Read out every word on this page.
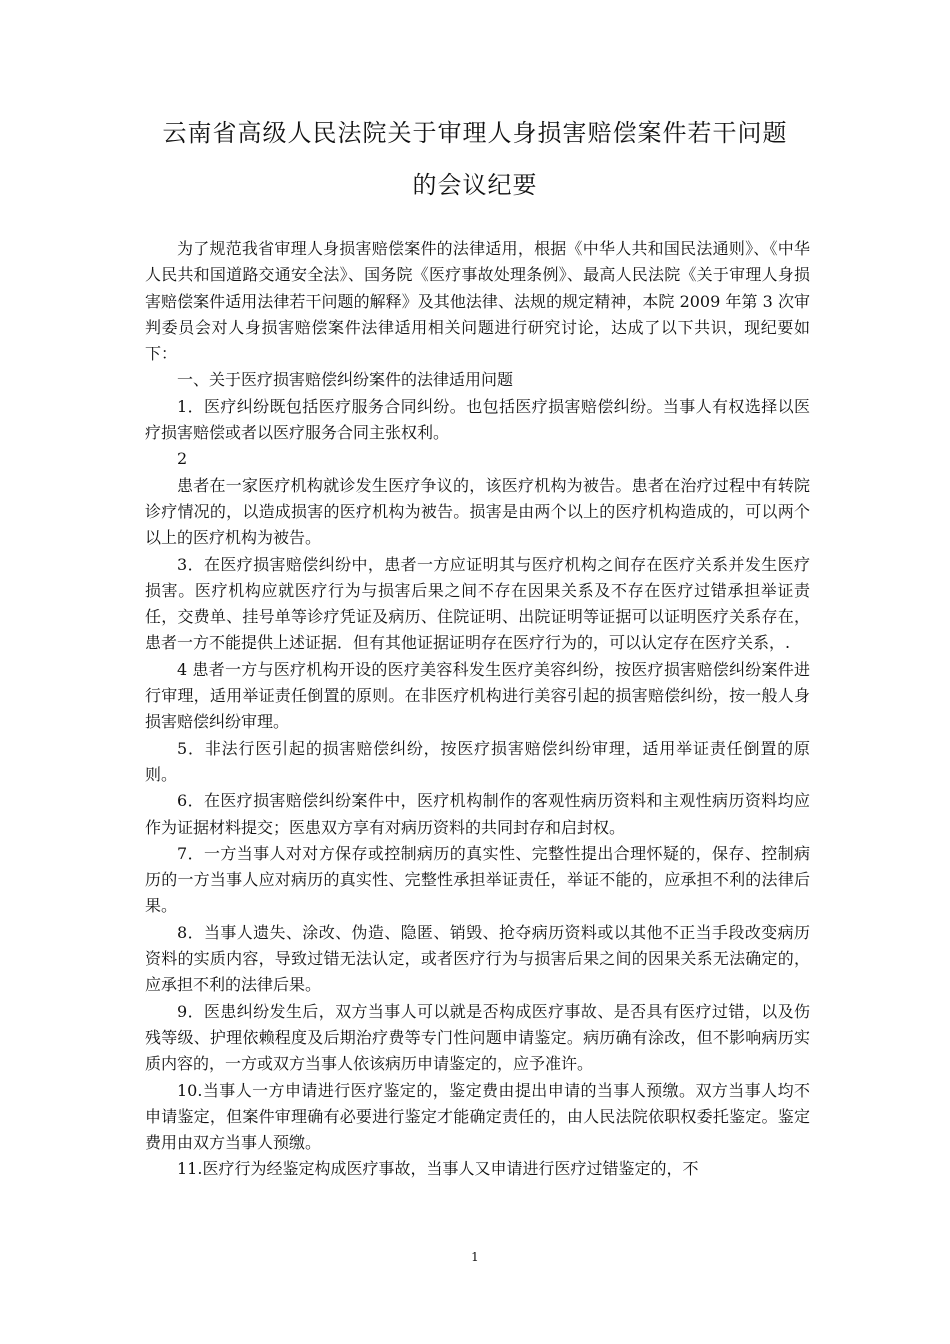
云南省高级人民法院关于审理人身损害赔偿案件若干问题
的会议纪要

为了规范我省审理人身损害赔偿案件的法律适用，根据《中华人共和国民法通则》、《中华人民共和国道路交通安全法》、国务院《医疗事故处理条例》、最高人民法院《关于审理人身损害赔偿案件适用法律若干问题的解释》及其他法律、法规的规定精神，本院 2009 年第 3 次审判委员会对人身损害赔偿案件法律适用相关问题进行研究讨论，达成了以下共识，现纪要如下：

一、关于医疗损害赔偿纠纷案件的法律适用问题

1．医疗纠纷既包括医疗服务合同纠纷。也包括医疗损害赔偿纠纷。当事人有权选择以医疗损害赔偿或者以医疗服务合同主张权利。

2

患者在一家医疗机构就诊发生医疗争议的，该医疗机构为被告。患者在治疗过程中有转院诊疗情况的，以造成损害的医疗机构为被告。损害是由两个以上的医疗机构造成的，可以两个以上的医疗机构为被告。

3．在医疗损害赔偿纠纷中，患者一方应证明其与医疗机构之间存在医疗关系并发生医疗损害。医疗机构应就医疗行为与损害后果之间不存在因果关系及不存在医疗过错承担举证责任，交费单、挂号单等诊疗凭证及病历、住院证明、出院证明等证据可以证明医疗关系存在，患者一方不能提供上述证据．但有其他证据证明存在医疗行为的，可以认定存在医疗关系，.

4 患者一方与医疗机构开设的医疗美容科发生医疗美容纠纷，按医疗损害赔偿纠纷案件进行审理，适用举证责任倒置的原则。在非医疗机构进行美容引起的损害赔偿纠纷，按一般人身损害赔偿纠纷审理。

5．非法行医引起的损害赔偿纠纷，按医疗损害赔偿纠纷审理，适用举证责任倒置的原则。

6．在医疗损害赔偿纠纷案件中，医疗机构制作的客观性病历资料和主观性病历资料均应作为证据材料提交；医患双方享有对病历资料的共同封存和启封权。

7．一方当事人对对方保存或控制病历的真实性、完整性提出合理怀疑的，保存、控制病历的一方当事人应对病历的真实性、完整性承担举证责任，举证不能的，应承担不利的法律后果。

8．当事人遗失、涂改、伪造、隐匿、销毁、抢夺病历资料或以其他不正当手段改变病历资料的实质内容，导致过错无法认定，或者医疗行为与损害后果之间的因果关系无法确定的，应承担不利的法律后果。

9．医患纠纷发生后，双方当事人可以就是否构成医疗事故、是否具有医疗过错，以及伤残等级、护理依赖程度及后期治疗费等专门性问题申请鉴定。病历确有涂改，但不影响病历实质内容的，一方或双方当事人依该病历申请鉴定的，应予准许。

10.当事人一方申请进行医疗鉴定的，鉴定费由提出申请的当事人预缴。双方当事人均不申请鉴定，但案件审理确有必要进行鉴定才能确定责任的，由人民法院依职权委托鉴定。鉴定费用由双方当事人预缴。

11.医疗行为经鉴定构成医疗事故，当事人又申请进行医疗过错鉴定的，不

1
